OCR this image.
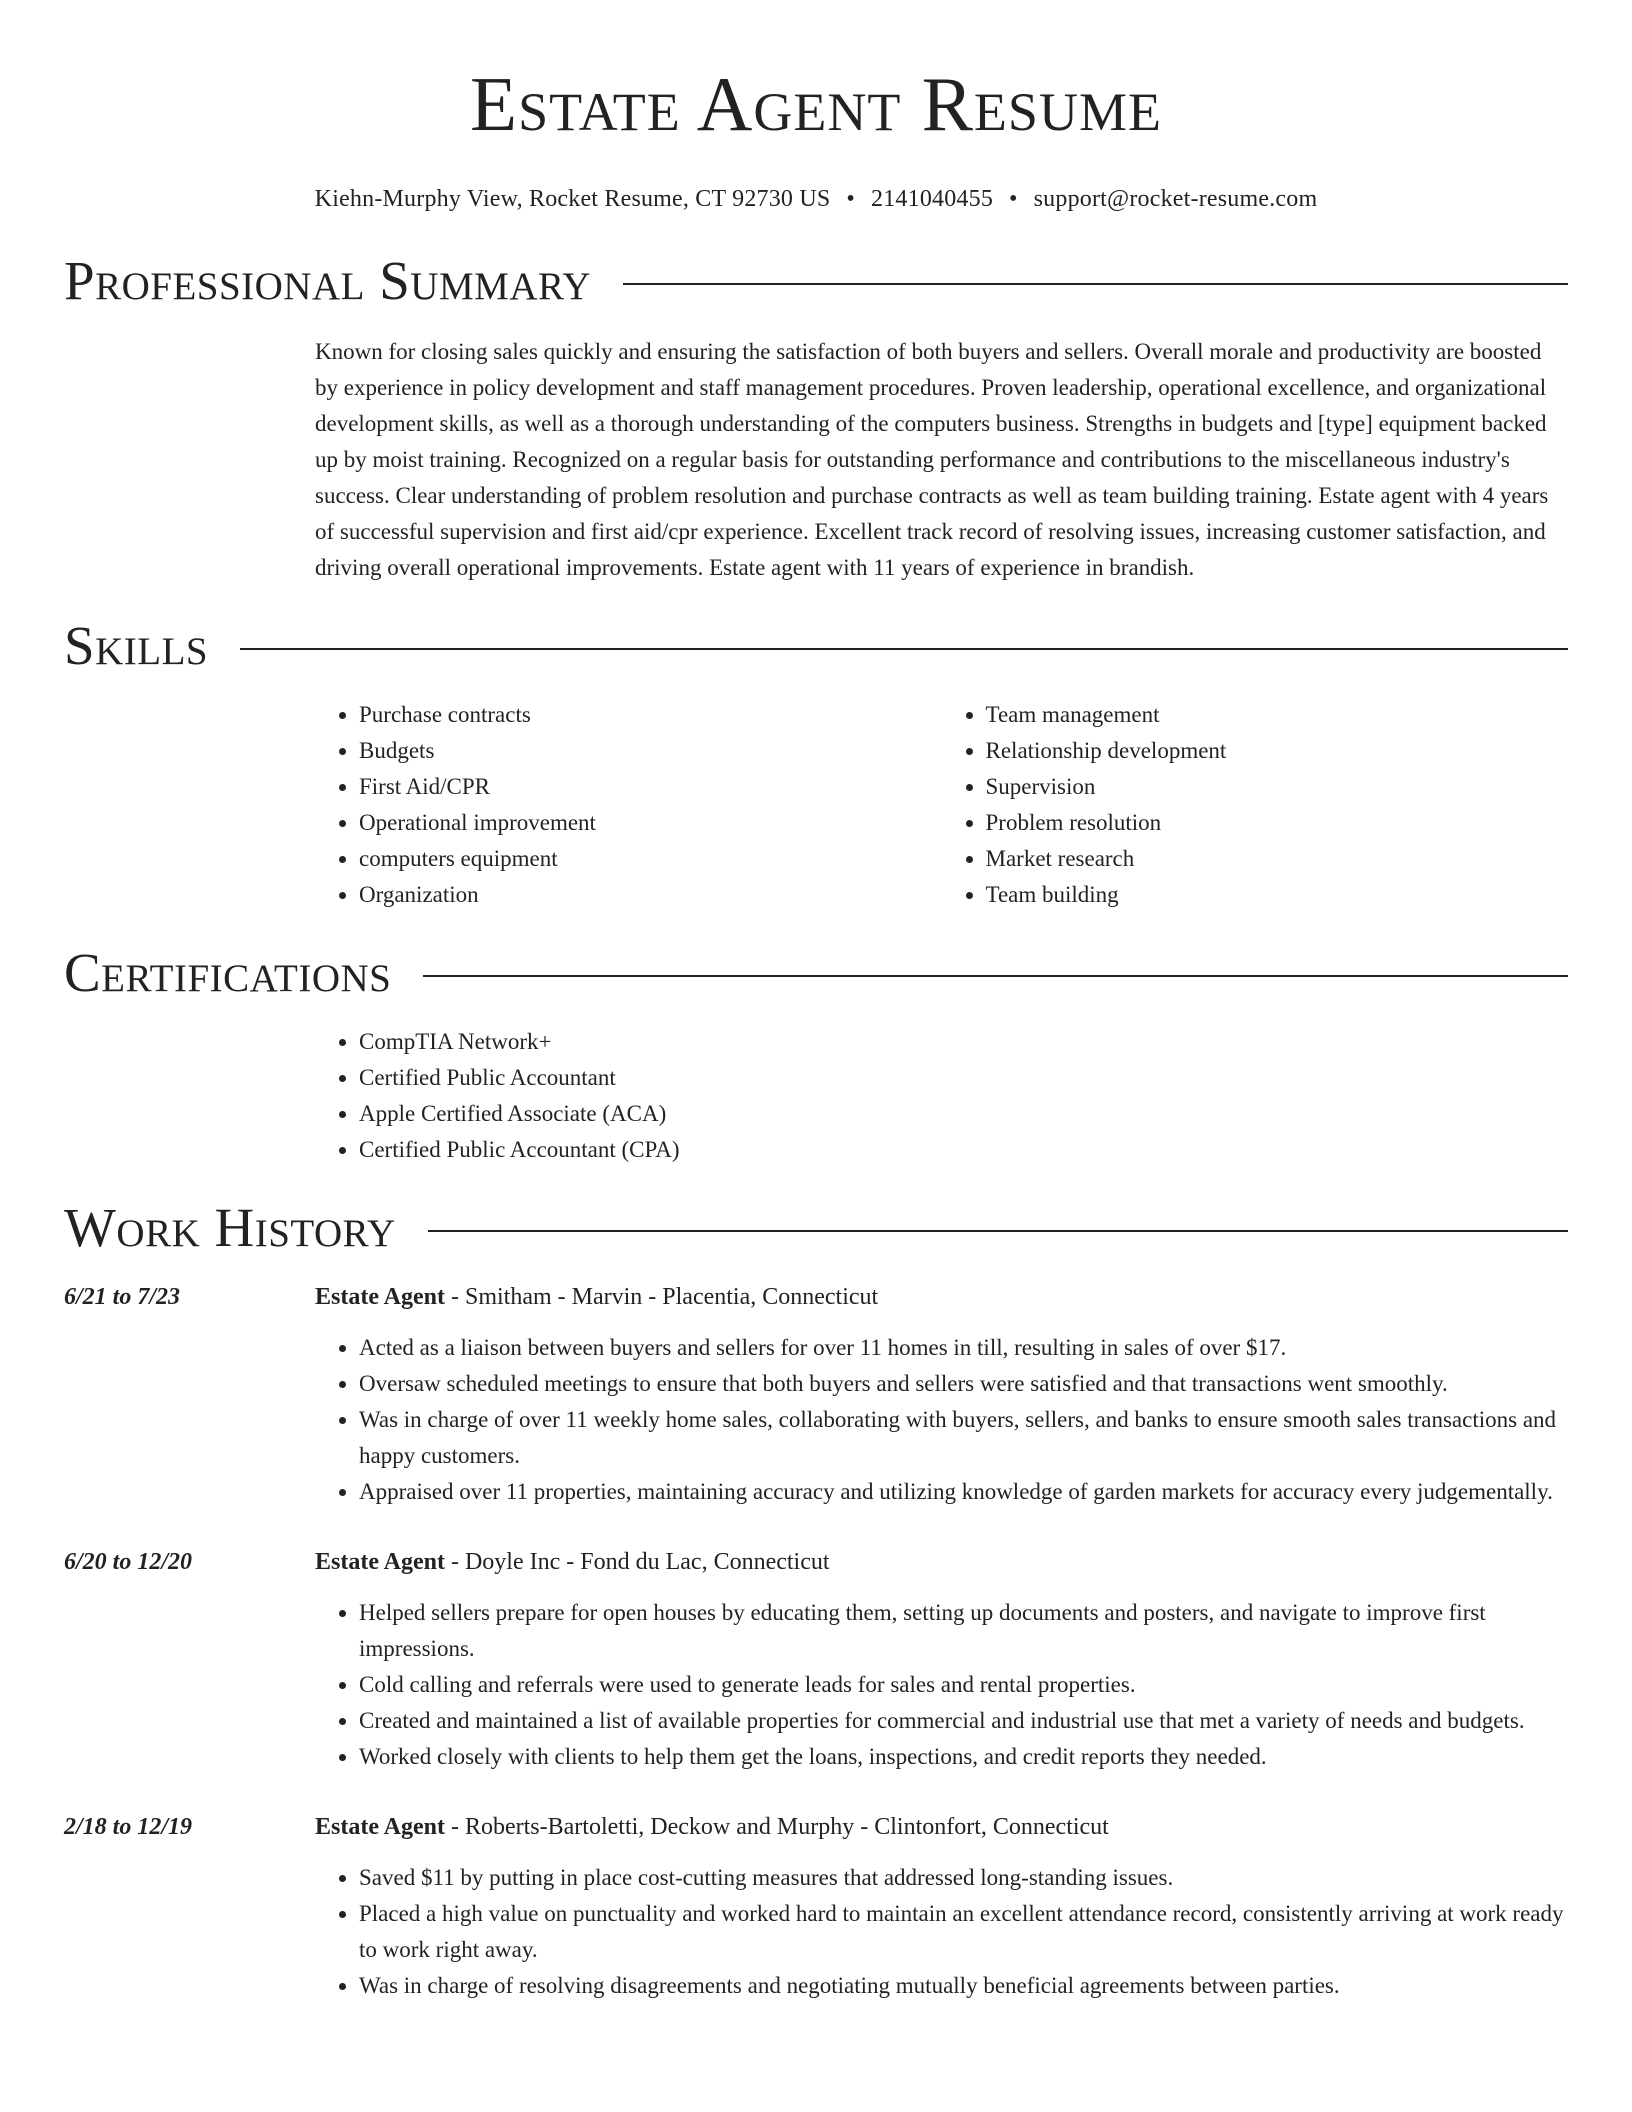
Estate Agent Resume
Kiehn-Murphy View, Rocket Resume, CT 92730 US • 2141040455 • support@rocket-resume.com
Professional Summary
Known for closing sales quickly and ensuring the satisfaction of both buyers and sellers. Overall morale and productivity are boosted by experience in policy development and staff management procedures. Proven leadership, operational excellence, and organizational development skills, as well as a thorough understanding of the computers business. Strengths in budgets and [type] equipment backed up by moist training. Recognized on a regular basis for outstanding performance and contributions to the miscellaneous industry's success. Clear understanding of problem resolution and purchase contracts as well as team building training. Estate agent with 4 years of successful supervision and first aid/cpr experience. Excellent track record of resolving issues, increasing customer satisfaction, and driving overall operational improvements. Estate agent with 11 years of experience in brandish.
Skills
• Purchase contracts
• Budgets
• First Aid/CPR
• Operational improvement
• computers equipment
• Organization
• Team management
• Relationship development
• Supervision
• Problem resolution
• Market research
• Team building
Certifications
• CompTIA Network+
• Certified Public Accountant
• Apple Certified Associate (ACA)
• Certified Public Accountant (CPA)
Work History
6/21 to 7/23	Estate Agent - Smitham - Marvin - Placentia, Connecticut
• Acted as a liaison between buyers and sellers for over 11 homes in till, resulting in sales of over $17.
• Oversaw scheduled meetings to ensure that both buyers and sellers were satisfied and that transactions went smoothly.
• Was in charge of over 11 weekly home sales, collaborating with buyers, sellers, and banks to ensure smooth sales transactions and happy customers.
• Appraised over 11 properties, maintaining accuracy and utilizing knowledge of garden markets for accuracy every judgementally.
6/20 to 12/20	Estate Agent - Doyle Inc - Fond du Lac, Connecticut
• Helped sellers prepare for open houses by educating them, setting up documents and posters, and navigate to improve first impressions.
• Cold calling and referrals were used to generate leads for sales and rental properties.
• Created and maintained a list of available properties for commercial and industrial use that met a variety of needs and budgets.
• Worked closely with clients to help them get the loans, inspections, and credit reports they needed.
2/18 to 12/19	Estate Agent - Roberts-Bartoletti, Deckow and Murphy - Clintonfort, Connecticut
• Saved $11 by putting in place cost-cutting measures that addressed long-standing issues.
• Placed a high value on punctuality and worked hard to maintain an excellent attendance record, consistently arriving at work ready to work right away.
• Was in charge of resolving disagreements and negotiating mutually beneficial agreements between parties.
